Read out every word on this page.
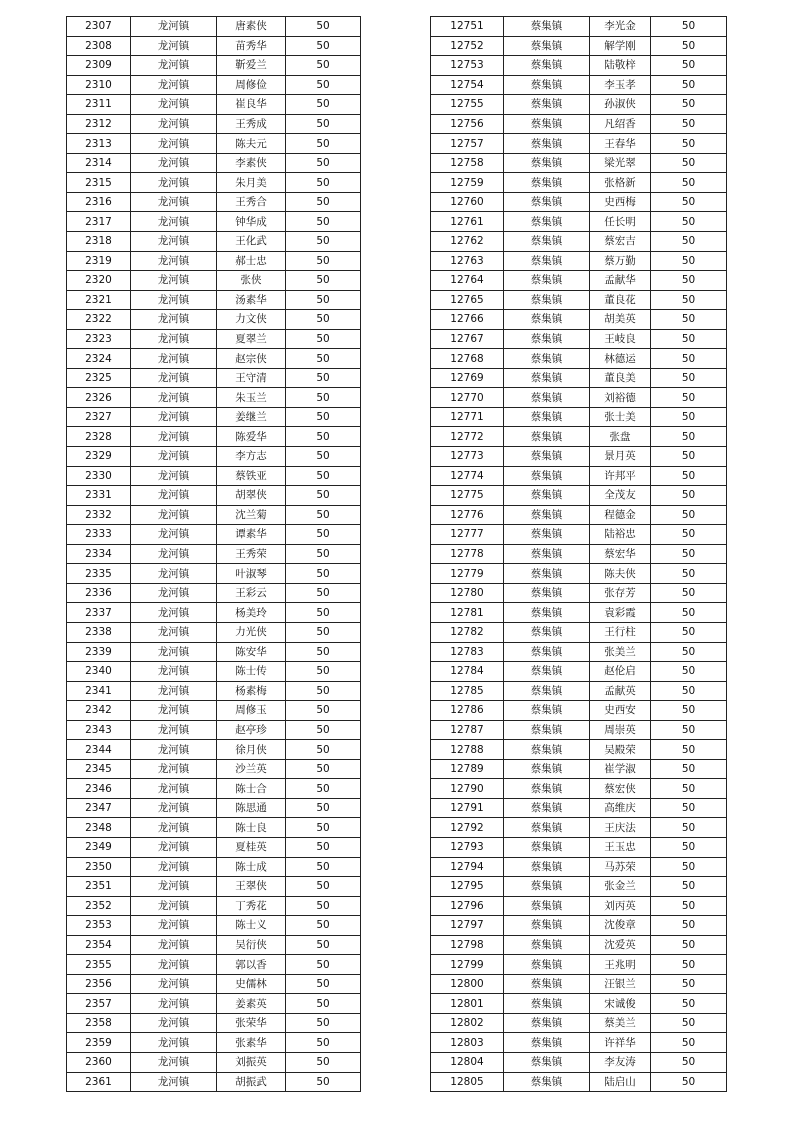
2307	龙河镇	唐素侠	50
2308	龙河镇	苗秀华	50
2309	龙河镇	靳爱兰	50
2310	龙河镇	周修俭	50
2311	龙河镇	崔良华	50
2312	龙河镇	王秀成	50
2313	龙河镇	陈夫元	50
2314	龙河镇	李素侠	50
2315	龙河镇	朱月美	50
2316	龙河镇	王秀合	50
2317	龙河镇	钟华成	50
2318	龙河镇	王化武	50
2319	龙河镇	郝士忠	50
2320	龙河镇	张侠	50
2321	龙河镇	汤素华	50
2322	龙河镇	力文侠	50
2323	龙河镇	夏翠兰	50
2324	龙河镇	赵宗侠	50
2325	龙河镇	王守清	50
2326	龙河镇	朱玉兰	50
2327	龙河镇	姜继兰	50
2328	龙河镇	陈爱华	50
2329	龙河镇	李方志	50
2330	龙河镇	蔡铁亚	50
2331	龙河镇	胡翠侠	50
2332	龙河镇	沈兰菊	50
2333	龙河镇	谭素华	50
2334	龙河镇	王秀荣	50
2335	龙河镇	叶淑琴	50
2336	龙河镇	王彩云	50
2337	龙河镇	杨美玲	50
2338	龙河镇	力光侠	50
2339	龙河镇	陈安华	50
2340	龙河镇	陈士传	50
2341	龙河镇	杨素梅	50
2342	龙河镇	周修玉	50
2343	龙河镇	赵亭珍	50
2344	龙河镇	徐月侠	50
2345	龙河镇	沙兰英	50
2346	龙河镇	陈士合	50
2347	龙河镇	陈思通	50
2348	龙河镇	陈士良	50
2349	龙河镇	夏桂英	50
2350	龙河镇	陈士成	50
2351	龙河镇	王翠侠	50
2352	龙河镇	丁秀花	50
2353	龙河镇	陈士义	50
2354	龙河镇	吴衍侠	50
2355	龙河镇	郭以香	50
2356	龙河镇	史儒林	50
2357	龙河镇	姜素英	50
2358	龙河镇	张荣华	50
2359	龙河镇	张素华	50
2360	龙河镇	刘振英	50
2361	龙河镇	胡振武	50
12751	蔡集镇	李光金	50
12752	蔡集镇	解学刚	50
12753	蔡集镇	陆敬梓	50
12754	蔡集镇	李玉孝	50
12755	蔡集镇	孙淑侠	50
12756	蔡集镇	凡绍香	50
12757	蔡集镇	王春华	50
12758	蔡集镇	梁光翠	50
12759	蔡集镇	张格新	50
12760	蔡集镇	史西梅	50
12761	蔡集镇	任长明	50
12762	蔡集镇	蔡宏吉	50
12763	蔡集镇	蔡万勤	50
12764	蔡集镇	孟献华	50
12765	蔡集镇	董良花	50
12766	蔡集镇	胡美英	50
12767	蔡集镇	王岐良	50
12768	蔡集镇	林德运	50
12769	蔡集镇	董良美	50
12770	蔡集镇	刘裕德	50
12771	蔡集镇	张士美	50
12772	蔡集镇	张盘	50
12773	蔡集镇	景月英	50
12774	蔡集镇	许邦平	50
12775	蔡集镇	全茂友	50
12776	蔡集镇	程德金	50
12777	蔡集镇	陆裕忠	50
12778	蔡集镇	蔡宏华	50
12779	蔡集镇	陈夫侠	50
12780	蔡集镇	张存芳	50
12781	蔡集镇	袁彩霞	50
12782	蔡集镇	王行柱	50
12783	蔡集镇	张美兰	50
12784	蔡集镇	赵伦启	50
12785	蔡集镇	孟献英	50
12786	蔡集镇	史西安	50
12787	蔡集镇	周崇英	50
12788	蔡集镇	吴殿荣	50
12789	蔡集镇	崔学淑	50
12790	蔡集镇	蔡宏侠	50
12791	蔡集镇	高维庆	50
12792	蔡集镇	王庆法	50
12793	蔡集镇	王玉忠	50
12794	蔡集镇	马苏荣	50
12795	蔡集镇	张金兰	50
12796	蔡集镇	刘丙英	50
12797	蔡集镇	沈俊章	50
12798	蔡集镇	沈爱英	50
12799	蔡集镇	王兆明	50
12800	蔡集镇	汪银兰	50
12801	蔡集镇	宋诚俊	50
12802	蔡集镇	蔡美兰	50
12803	蔡集镇	许祥华	50
12804	蔡集镇	李友涛	50
12805	蔡集镇	陆启山	50
